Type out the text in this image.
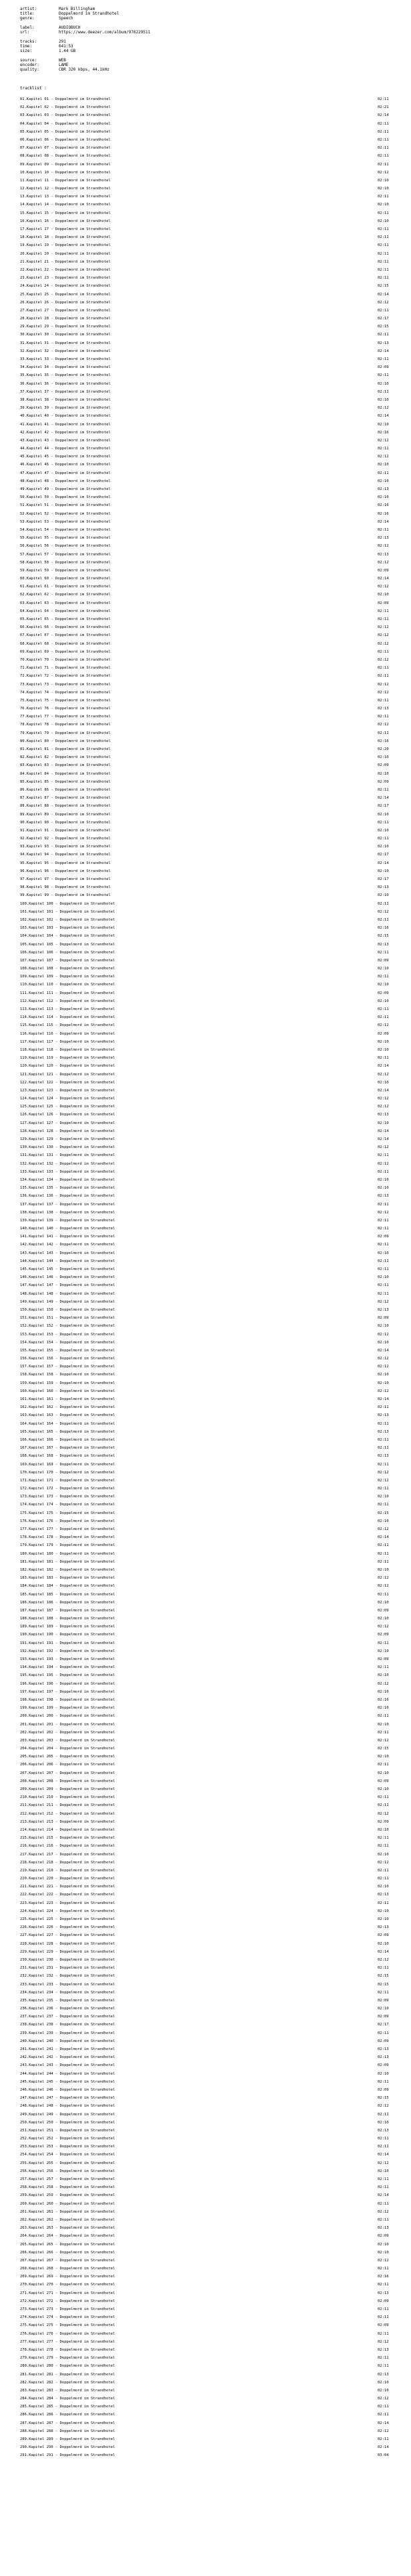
artist:	Mark Billingham
title:	Doppelmord im Strandhotel
genre:	Speech
label:	AUDIOBUCH
url:	https://www.deezer.com/album/976229511
tracks:	291
time:	641:53
size:	1.44 GB
source:	WEB
encoder:	LAME
quality:	CBR 320 kbps, 44.1kHz
tracklist :
01.Kapitel 01 - Doppelmord im Strandhotel	02:11
02.Kapitel 02 - Doppelmord im Strandhotel	02:21
03.Kapitel 03 - Doppelmord im Strandhotel	02:14
04.Kapitel 04 - Doppelmord im Strandhotel	02:11
05.Kapitel 05 - Doppelmord im Strandhotel	02:11
06.Kapitel 06 - Doppelmord im Strandhotel	02:11
07.Kapitel 07 - Doppelmord im Strandhotel	02:11
08.Kapitel 08 - Doppelmord im Strandhotel	02:11
09.Kapitel 09 - Doppelmord im Strandhotel	02:11
10.Kapitel 10 - Doppelmord im Strandhotel	02:12
11.Kapitel 11 - Doppelmord im Strandhotel	02:10
12.Kapitel 12 - Doppelmord im Strandhotel	02:10
13.Kapitel 13 - Doppelmord im Strandhotel	02:11
14.Kapitel 14 - Doppelmord im Strandhotel	02:10
15.Kapitel 15 - Doppelmord im Strandhotel	02:11
16.Kapitel 16 - Doppelmord im Strandhotel	02:10
17.Kapitel 17 - Doppelmord im Strandhotel	02:11
18.Kapitel 18 - Doppelmord im Strandhotel	02:11
19.Kapitel 19 - Doppelmord im Strandhotel	02:11
20.Kapitel 20 - Doppelmord im Strandhotel	02:11
21.Kapitel 21 - Doppelmord im Strandhotel	02:11
22.Kapitel 22 - Doppelmord im Strandhotel	02:11
23.Kapitel 23 - Doppelmord im Strandhotel	02:11
24.Kapitel 24 - Doppelmord im Strandhotel	02:15
25.Kapitel 25 - Doppelmord im Strandhotel	02:14
26.Kapitel 26 - Doppelmord im Strandhotel	02:12
27.Kapitel 27 - Doppelmord im Strandhotel	02:11
28.Kapitel 28 - Doppelmord im Strandhotel	02:17
29.Kapitel 29 - Doppelmord im Strandhotel	02:15
30.Kapitel 30 - Doppelmord im Strandhotel	02:11
31.Kapitel 31 - Doppelmord im Strandhotel	02:13
32.Kapitel 32 - Doppelmord im Strandhotel	02:14
33.Kapitel 33 - Doppelmord im Strandhotel	02:11
34.Kapitel 34 - Doppelmord im Strandhotel	02:09
35.Kapitel 35 - Doppelmord im Strandhotel	02:11
36.Kapitel 36 - Doppelmord im Strandhotel	02:10
37.Kapitel 37 - Doppelmord im Strandhotel	02:11
38.Kapitel 38 - Doppelmord im Strandhotel	02:10
39.Kapitel 39 - Doppelmord im Strandhotel	02:12
40.Kapitel 40 - Doppelmord im Strandhotel	02:14
41.Kapitel 41 - Doppelmord im Strandhotel	02:10
42.Kapitel 42 - Doppelmord im Strandhotel	02:16
43.Kapitel 43 - Doppelmord im Strandhotel	02:12
44.Kapitel 44 - Doppelmord im Strandhotel	02:11
45.Kapitel 45 - Doppelmord im Strandhotel	02:12
46.Kapitel 46 - Doppelmord im Strandhotel	02:10
47.Kapitel 47 - Doppelmord im Strandhotel	02:11
48.Kapitel 48 - Doppelmord im Strandhotel	02:10
49.Kapitel 49 - Doppelmord im Strandhotel	02:13
50.Kapitel 50 - Doppelmord im Strandhotel	02:10
51.Kapitel 51 - Doppelmord im Strandhotel	02:16
52.Kapitel 52 - Doppelmord im Strandhotel	02:16
53.Kapitel 53 - Doppelmord im Strandhotel	02:14
54.Kapitel 54 - Doppelmord im Strandhotel	02:11
55.Kapitel 55 - Doppelmord im Strandhotel	02:13
56.Kapitel 56 - Doppelmord im Strandhotel	02:12
57.Kapitel 57 - Doppelmord im Strandhotel	02:13
58.Kapitel 58 - Doppelmord im Strandhotel	02:12
59.Kapitel 59 - Doppelmord im Strandhotel	02:09
60.Kapitel 60 - Doppelmord im Strandhotel	02:14
61.Kapitel 61 - Doppelmord im Strandhotel	02:12
62.Kapitel 62 - Doppelmord im Strandhotel	02:10
63.Kapitel 63 - Doppelmord im Strandhotel	02:09
64.Kapitel 64 - Doppelmord im Strandhotel	02:11
65.Kapitel 65 - Doppelmord im Strandhotel	02:11
66.Kapitel 66 - Doppelmord im Strandhotel	02:12
67.Kapitel 67 - Doppelmord im Strandhotel	02:12
68.Kapitel 68 - Doppelmord im Strandhotel	02:12
69.Kapitel 69 - Doppelmord im Strandhotel	02:11
70.Kapitel 70 - Doppelmord im Strandhotel	02:12
71.Kapitel 71 - Doppelmord im Strandhotel	02:11
72.Kapitel 72 - Doppelmord im Strandhotel	02:11
73.Kapitel 73 - Doppelmord im Strandhotel	02:12
74.Kapitel 74 - Doppelmord im Strandhotel	02:12
75.Kapitel 75 - Doppelmord im Strandhotel	02:11
76.Kapitel 76 - Doppelmord im Strandhotel	02:13
77.Kapitel 77 - Doppelmord im Strandhotel	02:11
78.Kapitel 78 - Doppelmord im Strandhotel	02:12
79.Kapitel 79 - Doppelmord im Strandhotel	02:11
80.Kapitel 80 - Doppelmord im Strandhotel	02:16
81.Kapitel 81 - Doppelmord im Strandhotel	02:20
82.Kapitel 82 - Doppelmord im Strandhotel	02:10
83.Kapitel 83 - Doppelmord im Strandhotel	02:09
84.Kapitel 84 - Doppelmord im Strandhotel	02:10
85.Kapitel 85 - Doppelmord im Strandhotel	02:09
86.Kapitel 86 - Doppelmord im Strandhotel	02:11
87.Kapitel 87 - Doppelmord im Strandhotel	02:14
88.Kapitel 88 - Doppelmord im Strandhotel	02:17
89.Kapitel 89 - Doppelmord im Strandhotel	02:10
90.Kapitel 90 - Doppelmord im Strandhotel	02:11
91.Kapitel 91 - Doppelmord im Strandhotel	02:10
92.Kapitel 92 - Doppelmord im Strandhotel	02:11
93.Kapitel 93 - Doppelmord im Strandhotel	02:10
94.Kapitel 94 - Doppelmord im Strandhotel	02:17
95.Kapitel 95 - Doppelmord im Strandhotel	02:14
96.Kapitel 96 - Doppelmord im Strandhotel	02:10
97.Kapitel 97 - Doppelmord im Strandhotel	02:17
98.Kapitel 98 - Doppelmord im Strandhotel	02:13
99.Kapitel 99 - Doppelmord im Strandhotel	02:10
100.Kapitel 100 - Doppelmord im Strandhotel	02:11
101.Kapitel 101 - Doppelmord im Strandhotel	02:12
102.Kapitel 102 - Doppelmord im Strandhotel	02:11
103.Kapitel 103 - Doppelmord im Strandhotel	02:16
104.Kapitel 104 - Doppelmord im Strandhotel	02:15
105.Kapitel 105 - Doppelmord im Strandhotel	02:13
106.Kapitel 106 - Doppelmord im Strandhotel	02:11
107.Kapitel 107 - Doppelmord im Strandhotel	02:09
108.Kapitel 108 - Doppelmord im Strandhotel	02:10
109.Kapitel 109 - Doppelmord im Strandhotel	02:11
110.Kapitel 110 - Doppelmord im Strandhotel	02:10
111.Kapitel 111 - Doppelmord im Strandhotel	02:09
112.Kapitel 112 - Doppelmord im Strandhotel	02:10
113.Kapitel 113 - Doppelmord im Strandhotel	02:11
114.Kapitel 114 - Doppelmord im Strandhotel	02:11
115.Kapitel 115 - Doppelmord im Strandhotel	02:12
116.Kapitel 116 - Doppelmord im Strandhotel	02:09
117.Kapitel 117 - Doppelmord im Strandhotel	02:10
118.Kapitel 118 - Doppelmord im Strandhotel	02:10
119.Kapitel 119 - Doppelmord im Strandhotel	02:11
120.Kapitel 120 - Doppelmord im Strandhotel	02:14
121.Kapitel 121 - Doppelmord im Strandhotel	02:12
122.Kapitel 122 - Doppelmord im Strandhotel	02:10
123.Kapitel 123 - Doppelmord im Strandhotel	02:14
124.Kapitel 124 - Doppelmord im Strandhotel	02:12
125.Kapitel 125 - Doppelmord im Strandhotel	02:12
126.Kapitel 126 - Doppelmord im Strandhotel	02:13
127.Kapitel 127 - Doppelmord im Strandhotel	02:10
128.Kapitel 128 - Doppelmord im Strandhotel	02:14
129.Kapitel 129 - Doppelmord im Strandhotel	02:14
130.Kapitel 130 - Doppelmord im Strandhotel	02:12
131.Kapitel 131 - Doppelmord im Strandhotel	02:11
132.Kapitel 132 - Doppelmord im Strandhotel	02:12
133.Kapitel 133 - Doppelmord im Strandhotel	02:11
134.Kapitel 134 - Doppelmord im Strandhotel	02:10
135.Kapitel 135 - Doppelmord im Strandhotel	02:10
136.Kapitel 136 - Doppelmord im Strandhotel	02:13
137.Kapitel 137 - Doppelmord im Strandhotel	02:11
138.Kapitel 138 - Doppelmord im Strandhotel	02:12
139.Kapitel 139 - Doppelmord im Strandhotel	02:11
140.Kapitel 140 - Doppelmord im Strandhotel	02:11
141.Kapitel 141 - Doppelmord im Strandhotel	02:09
142.Kapitel 142 - Doppelmord im Strandhotel	02:11
143.Kapitel 143 - Doppelmord im Strandhotel	02:10
144.Kapitel 144 - Doppelmord im Strandhotel	02:11
145.Kapitel 145 - Doppelmord im Strandhotel	02:11
146.Kapitel 146 - Doppelmord im Strandhotel	02:10
147.Kapitel 147 - Doppelmord im Strandhotel	02:11
148.Kapitel 148 - Doppelmord im Strandhotel	02:11
149.Kapitel 149 - Doppelmord im Strandhotel	02:12
150.Kapitel 150 - Doppelmord im Strandhotel	02:13
151.Kapitel 151 - Doppelmord im Strandhotel	02:09
152.Kapitel 152 - Doppelmord im Strandhotel	02:10
153.Kapitel 153 - Doppelmord im Strandhotel	02:12
154.Kapitel 154 - Doppelmord im Strandhotel	02:10
155.Kapitel 155 - Doppelmord im Strandhotel	02:14
156.Kapitel 156 - Doppelmord im Strandhotel	02:12
157.Kapitel 157 - Doppelmord im Strandhotel	02:12
158.Kapitel 158 - Doppelmord im Strandhotel	02:10
159.Kapitel 159 - Doppelmord im Strandhotel	02:10
160.Kapitel 160 - Doppelmord im Strandhotel	02:12
161.Kapitel 161 - Doppelmord im Strandhotel	02:14
162.Kapitel 162 - Doppelmord im Strandhotel	02:11
163.Kapitel 163 - Doppelmord im Strandhotel	02:13
164.Kapitel 164 - Doppelmord im Strandhotel	02:11
165.Kapitel 165 - Doppelmord im Strandhotel	02:13
166.Kapitel 166 - Doppelmord im Strandhotel	02:11
167.Kapitel 167 - Doppelmord im Strandhotel	02:11
168.Kapitel 168 - Doppelmord im Strandhotel	02:13
169.Kapitel 169 - Doppelmord im Strandhotel	02:11
170.Kapitel 170 - Doppelmord im Strandhotel	02:12
171.Kapitel 171 - Doppelmord im Strandhotel	02:12
172.Kapitel 172 - Doppelmord im Strandhotel	02:11
173.Kapitel 173 - Doppelmord im Strandhotel	02:10
174.Kapitel 174 - Doppelmord im Strandhotel	02:11
175.Kapitel 175 - Doppelmord im Strandhotel	02:15
176.Kapitel 176 - Doppelmord im Strandhotel	02:10
177.Kapitel 177 - Doppelmord im Strandhotel	02:12
178.Kapitel 178 - Doppelmord im Strandhotel	02:14
179.Kapitel 179 - Doppelmord im Strandhotel	02:11
180.Kapitel 180 - Doppelmord im Strandhotel	02:11
181.Kapitel 181 - Doppelmord im Strandhotel	02:11
182.Kapitel 182 - Doppelmord im Strandhotel	02:10
183.Kapitel 183 - Doppelmord im Strandhotel	02:12
184.Kapitel 184 - Doppelmord im Strandhotel	02:12
185.Kapitel 185 - Doppelmord im Strandhotel	02:11
186.Kapitel 186 - Doppelmord im Strandhotel	02:10
187.Kapitel 187 - Doppelmord im Strandhotel	02:09
188.Kapitel 188 - Doppelmord im Strandhotel	02:10
189.Kapitel 189 - Doppelmord im Strandhotel	02:12
190.Kapitel 190 - Doppelmord im Strandhotel	02:09
191.Kapitel 191 - Doppelmord im Strandhotel	02:11
192.Kapitel 192 - Doppelmord im Strandhotel	02:10
193.Kapitel 193 - Doppelmord im Strandhotel	02:09
194.Kapitel 194 - Doppelmord im Strandhotel	02:11
195.Kapitel 195 - Doppelmord im Strandhotel	02:10
196.Kapitel 196 - Doppelmord im Strandhotel	02:12
197.Kapitel 197 - Doppelmord im Strandhotel	02:10
198.Kapitel 198 - Doppelmord im Strandhotel	02:16
199.Kapitel 199 - Doppelmord im Strandhotel	02:10
200.Kapitel 200 - Doppelmord im Strandhotel	02:11
201.Kapitel 201 - Doppelmord im Strandhotel	02:10
202.Kapitel 202 - Doppelmord im Strandhotel	02:11
203.Kapitel 203 - Doppelmord im Strandhotel	02:12
204.Kapitel 204 - Doppelmord im Strandhotel	02:15
205.Kapitel 205 - Doppelmord im Strandhotel	02:10
206.Kapitel 206 - Doppelmord im Strandhotel	02:11
207.Kapitel 207 - Doppelmord im Strandhotel	02:10
208.Kapitel 208 - Doppelmord im Strandhotel	02:09
209.Kapitel 209 - Doppelmord im Strandhotel	02:10
210.Kapitel 210 - Doppelmord im Strandhotel	02:11
211.Kapitel 211 - Doppelmord im Strandhotel	02:11
212.Kapitel 212 - Doppelmord im Strandhotel	02:12
213.Kapitel 213 - Doppelmord im Strandhotel	02:09
214.Kapitel 214 - Doppelmord im Strandhotel	02:10
215.Kapitel 215 - Doppelmord im Strandhotel	02:11
216.Kapitel 216 - Doppelmord im Strandhotel	02:11
217.Kapitel 217 - Doppelmord im Strandhotel	02:10
218.Kapitel 218 - Doppelmord im Strandhotel	02:12
219.Kapitel 219 - Doppelmord im Strandhotel	02:11
220.Kapitel 220 - Doppelmord im Strandhotel	02:11
221.Kapitel 221 - Doppelmord im Strandhotel	02:10
222.Kapitel 222 - Doppelmord im Strandhotel	02:13
223.Kapitel 223 - Doppelmord im Strandhotel	02:11
224.Kapitel 224 - Doppelmord im Strandhotel	02:10
225.Kapitel 225 - Doppelmord im Strandhotel	02:10
226.Kapitel 226 - Doppelmord im Strandhotel	02:13
227.Kapitel 227 - Doppelmord im Strandhotel	02:09
228.Kapitel 228 - Doppelmord im Strandhotel	02:10
229.Kapitel 229 - Doppelmord im Strandhotel	02:14
230.Kapitel 230 - Doppelmord im Strandhotel	02:12
231.Kapitel 231 - Doppelmord im Strandhotel	02:11
232.Kapitel 232 - Doppelmord im Strandhotel	02:15
233.Kapitel 233 - Doppelmord im Strandhotel	02:15
234.Kapitel 234 - Doppelmord im Strandhotel	02:11
235.Kapitel 235 - Doppelmord im Strandhotel	02:09
236.Kapitel 236 - Doppelmord im Strandhotel	02:10
237.Kapitel 237 - Doppelmord im Strandhotel	02:09
238.Kapitel 238 - Doppelmord im Strandhotel	02:17
239.Kapitel 239 - Doppelmord im Strandhotel	02:11
240.Kapitel 240 - Doppelmord im Strandhotel	02:09
241.Kapitel 241 - Doppelmord im Strandhotel	02:13
242.Kapitel 242 - Doppelmord im Strandhotel	02:13
243.Kapitel 243 - Doppelmord im Strandhotel	02:09
244.Kapitel 244 - Doppelmord im Strandhotel	02:10
245.Kapitel 245 - Doppelmord im Strandhotel	02:11
246.Kapitel 246 - Doppelmord im Strandhotel	02:09
247.Kapitel 247 - Doppelmord im Strandhotel	02:15
248.Kapitel 248 - Doppelmord im Strandhotel	02:12
249.Kapitel 249 - Doppelmord im Strandhotel	02:11
250.Kapitel 250 - Doppelmord im Strandhotel	02:10
251.Kapitel 251 - Doppelmord im Strandhotel	02:13
252.Kapitel 252 - Doppelmord im Strandhotel	02:11
253.Kapitel 253 - Doppelmord im Strandhotel	02:11
254.Kapitel 254 - Doppelmord im Strandhotel	02:14
255.Kapitel 255 - Doppelmord im Strandhotel	02:12
256.Kapitel 256 - Doppelmord im Strandhotel	02:10
257.Kapitel 257 - Doppelmord im Strandhotel	02:11
258.Kapitel 258 - Doppelmord im Strandhotel	02:11
259.Kapitel 259 - Doppelmord im Strandhotel	02:14
260.Kapitel 260 - Doppelmord im Strandhotel	02:11
261.Kapitel 261 - Doppelmord im Strandhotel	02:12
262.Kapitel 262 - Doppelmord im Strandhotel	02:11
263.Kapitel 263 - Doppelmord im Strandhotel	02:13
264.Kapitel 264 - Doppelmord im Strandhotel	02:09
265.Kapitel 265 - Doppelmord im Strandhotel	02:10
266.Kapitel 266 - Doppelmord im Strandhotel	02:10
267.Kapitel 267 - Doppelmord im Strandhotel	02:12
268.Kapitel 268 - Doppelmord im Strandhotel	02:11
269.Kapitel 269 - Doppelmord im Strandhotel	02:16
270.Kapitel 270 - Doppelmord im Strandhotel	02:11
271.Kapitel 271 - Doppelmord im Strandhotel	02:13
272.Kapitel 272 - Doppelmord im Strandhotel	02:09
273.Kapitel 273 - Doppelmord im Strandhotel	02:11
274.Kapitel 274 - Doppelmord im Strandhotel	02:11
275.Kapitel 275 - Doppelmord im Strandhotel	02:09
276.Kapitel 276 - Doppelmord im Strandhotel	02:11
277.Kapitel 277 - Doppelmord im Strandhotel	02:12
278.Kapitel 278 - Doppelmord im Strandhotel	02:13
279.Kapitel 279 - Doppelmord im Strandhotel	02:11
280.Kapitel 280 - Doppelmord im Strandhotel	02:11
281.Kapitel 281 - Doppelmord im Strandhotel	02:13
282.Kapitel 282 - Doppelmord im Strandhotel	02:10
283.Kapitel 283 - Doppelmord im Strandhotel	02:10
284.Kapitel 284 - Doppelmord im Strandhotel	02:12
285.Kapitel 285 - Doppelmord im Strandhotel	02:11
286.Kapitel 286 - Doppelmord im Strandhotel	02:11
287.Kapitel 287 - Doppelmord im Strandhotel	02:14
288.Kapitel 288 - Doppelmord im Strandhotel	02:12
289.Kapitel 289 - Doppelmord im Strandhotel	02:11
290.Kapitel 290 - Doppelmord im Strandhotel	02:14
291.Kapitel 291 - Doppelmord im Strandhotel	03:04
